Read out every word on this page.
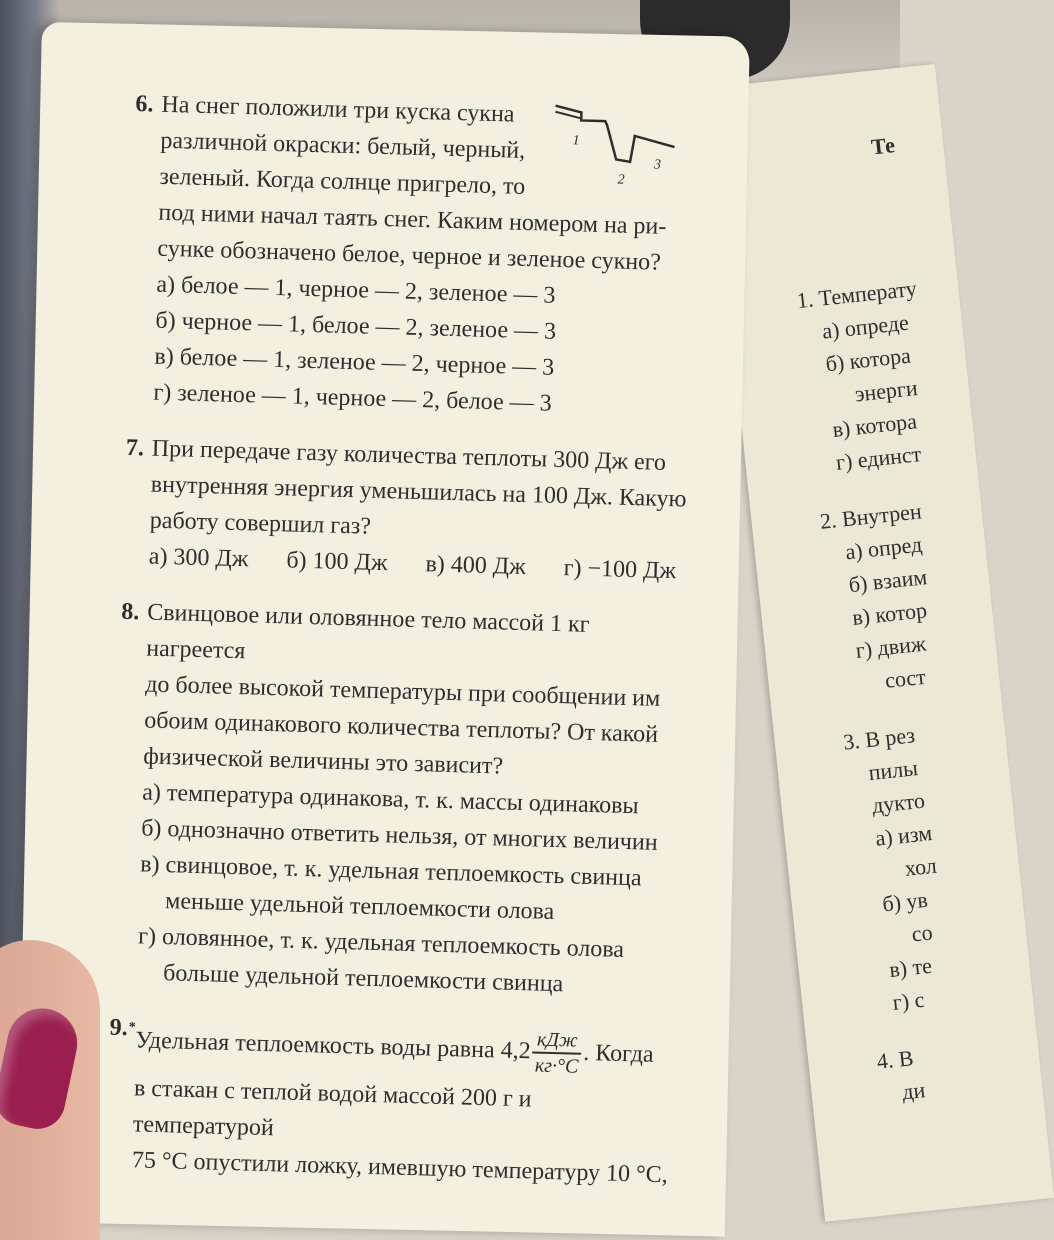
Те
1. Температу
а) опреде
б) котора
энерги
в) котора
г) единст
2. Внутрен
а) опред
б) взаим
в) котор
г) движ
сост
3. В рез
пилы
дукто
а) изм
хол
б) ув
со
в) те
г) с
4. В
ди
6.
1
2
3
На снег положили три куска сукна
различной окраски: белый, черный,
зеленый. Когда солнце пригрело, то
под ними начал таять снег. Каким номером на ри-
сунке обозначено белое, черное и зеленое сукно?
а) белое — 1, черное — 2, зеленое — 3
б) черное — 1, белое — 2, зеленое — 3
в) белое — 1, зеленое — 2, черное — 3
г) зеленое — 1, черное — 2, белое — 3
7. При передаче газу количества теплоты 300 Дж его
внутренняя энергия уменьшилась на 100 Дж. Какую
работу совершил газ?
а) 300 Дж б) 100 Дж в) 400 Дж г) −100 Дж
8. Свинцовое или оловянное тело массой 1 кг нагреется
до более высокой температуры при сообщении им
обоим одинакового количества теплоты? От какой
физической величины это зависит?
а) температура одинакова, т. к. массы одинаковы
б) однозначно ответить нельзя, от многих величин
в) свинцовое, т. к. удельная теплоемкость свинца
меньше удельной теплоемкости олова
г) оловянное, т. к. удельная теплоемкость олова
больше удельной теплоемкости свинца
9.* Удельная теплоемкость воды равна $4,2 \frac{\text{кДж}}{кг\cdot^\circ С}$ . Когда
в стакан с теплой водой массой 200 г и температурой
75 °С опустили ложку, имевшую температуру 10 °С,
